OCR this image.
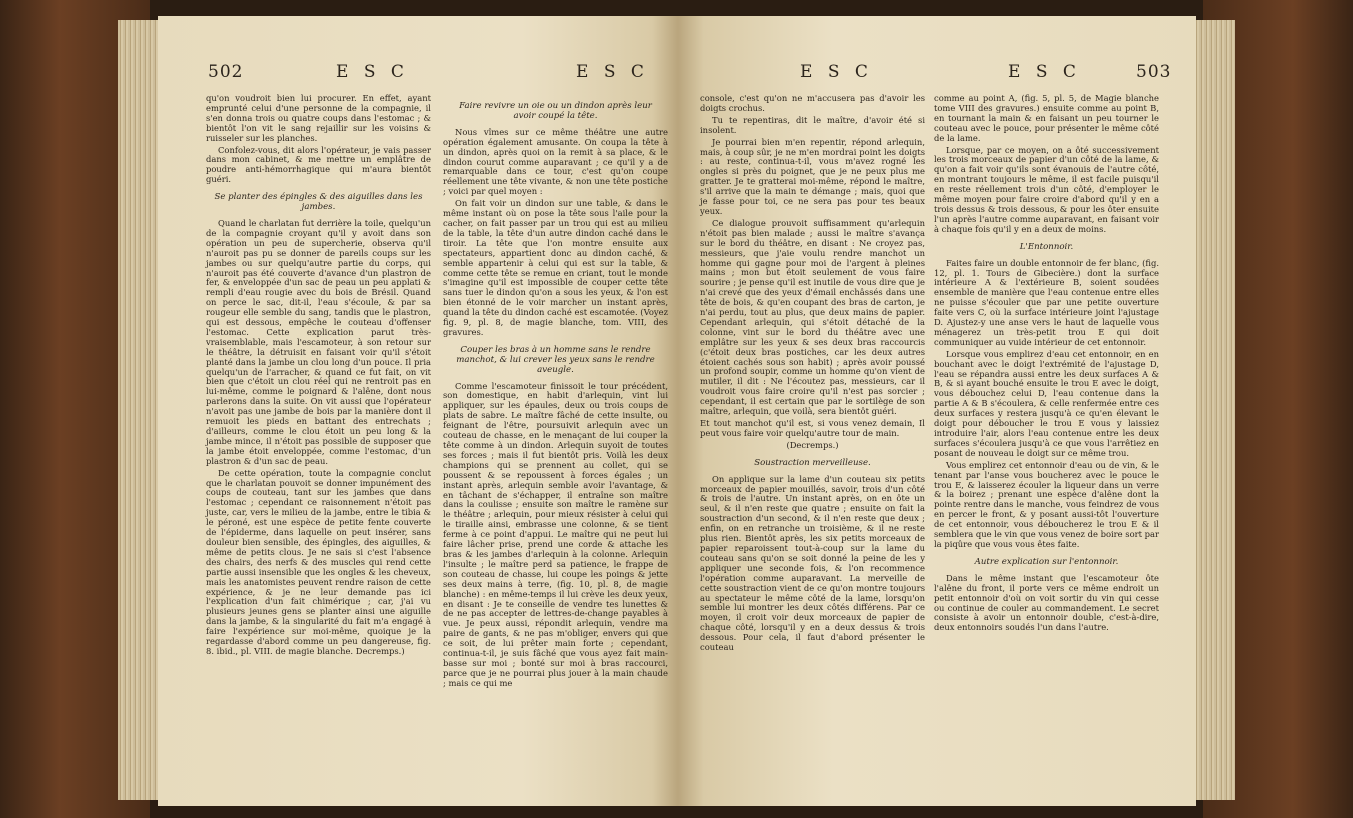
502	E S C	E S C

qu'on voudroit bien lui procurer. En effet, ayant emprunté celui d'une personne de la compagnie, il s'en donna trois ou quatre coups dans l'estomac ; & bientôt l'on vit le sang rejaillir sur les voisins & ruisseler sur les planches.

Confolez-vous, dit alors l'opérateur, je vais passer dans mon cabinet, & me mettre un emplâtre de poudre anti-hémorrhagique qui m'aura bientôt guéri.

Se planter des épingles & des aiguilles dans les jambes.

Quand le charlatan fut derrière la toile, quelqu'un de la compagnie croyant qu'il y avoit dans son opération un peu de supercherie, observa qu'il n'auroit pas pu se donner de pareils coups sur les jambes ou sur quelqu'autre partie du corps, qui n'auroit pas été couverte d'avance d'un plastron de fer, & enveloppée d'un sac de peau un peu applati & rempli d'eau rougie avec du bois de Brésil. Quand on perce le sac, dit-il, l'eau s'écoule, & par sa rougeur elle semble du sang, tandis que le plastron, qui est dessous, empêche le couteau d'offenser l'estomac. Cette explication parut très-vraisemblable, mais l'escamoteur, à son retour sur le théâtre, la détruisit en faisant voir qu'il s'étoit planté dans la jambe un clou long d'un pouce. Il pria quelqu'un de l'arracher, & quand ce fut fait, on vit bien que c'étoit un clou réel qui ne rentroit pas en lui-même, comme le poignard & l'alêne, dont nous parlerons dans la suite. On vit aussi que l'opérateur n'avoit pas une jambe de bois par la manière dont il remuoit les pieds en battant des entrechats ; d'ailleurs, comme le clou étoit un peu long & la jambe mince, il n'étoit pas possible de supposer que la jambe étoit enveloppée, comme l'estomac, d'un plastron & d'un sac de peau.

De cette opération, toute la compagnie conclut que le charlatan pouvoit se donner impunément des coups de couteau, tant sur les jambes que dans l'estomac ; cependant ce raisonnement n'étoit pas juste, car, vers le milieu de la jambe, entre le tibia & le péroné, est une espèce de petite fente couverte de l'épiderme, dans laquelle on peut insérer, sans douleur bien sensible, des épingles, des aiguilles, & même de petits clous. Je ne sais si c'est l'absence des chairs, des nerfs & des muscles qui rend cette partie aussi insensible que les ongles & les cheveux, mais les anatomistes peuvent rendre raison de cette expérience, & je ne leur demande pas ici l'explication d'un fait chimérique ; car, j'ai vu plusieurs jeunes gens se planter ainsi une aiguille dans la jambe, & la singularité du fait m'a engagé à faire l'expérience sur moi-même, quoique je la regardasse d'abord comme un peu dangereuse, fig. 8. ibid., pl. VIII. de magie blanche. Decremps.)

Faire revivre un oie ou un dindon après leur avoir coupé la tête.

Nous vîmes sur ce même théâtre une autre opération également amusante. On coupa la tête à un dindon, après quoi on la remit à sa place, & le dindon courut comme auparavant ; ce qu'il y a de remarquable dans ce tour, c'est qu'on coupe réellement une tête vivante, & non une tête postiche ; voici par quel moyen :

On fait voir un dindon sur une table, & dans le même instant où on pose la tête sous l'aile pour la cacher, on fait passer par un trou qui est au milieu de la table, la tête d'un autre dindon caché dans le tiroir. La tête que l'on montre ensuite aux spectateurs, appartient donc au dindon caché, & semble appartenir à celui qui est sur la table, & comme cette tête se remue en criant, tout le monde s'imagine qu'il est impossible de couper cette tête sans tuer le dindon qu'on a sous les yeux, & l'on est bien étonné de le voir marcher un instant après, quand la tête du dindon caché est escamotée. (Voyez fig. 9, pl. 8, de magie blanche, tom. VIII, des gravures.

Couper les bras à un homme sans le rendre manchot, & lui crever les yeux sans le rendre aveugle.

Comme l'escamoteur finissoit le tour précédent, son domestique, en habit d'arlequin, vint lui appliquer, sur les épaules, deux ou trois coups de plats de sabre. Le maître fâché de cette insulte, ou feignant de l'être, poursuivit arlequin avec un couteau de chasse, en le menaçant de lui couper la tête comme à un dindon. Arlequin suyoit de toutes ses forces ; mais il fut bientôt pris. Voilà les deux champions qui se prennent au collet, qui se poussent & se repoussent à forces égales ; un instant après, arlequin semble avoir l'avantage, & en tâchant de s'échapper, il entraîne son maître dans la coulisse ; ensuite son maître le ramène sur le théâtre ; arlequin, pour mieux résister à celui qui le tiraille ainsi, embrasse une colonne, & se tient ferme à ce point d'appui. Le maître qui ne peut lui faire lâcher prise, prend une corde & attache les bras & les jambes d'arlequin à la colonne. Arlequin l'insulte ; le maître perd sa patience, le frappe de son couteau de chasse, lui coupe les poings & jette ses deux mains à terre, (fig. 10, pl. 8, de magie blanche) : en même-temps il lui crève les deux yeux, en disant : Je te conseille de vendre tes lunettes & de ne pas accepter de lettres-de-change payables à vue. Je peux aussi, répondit arlequin, vendre ma paire de gants, & ne pas m'obliger, envers qui que ce soit, de lui prêter main forte ; cependant, continua-t-il, je suis fâché que vous ayez fait main-basse sur moi ; bonté sur moi à bras raccourci, parce que je ne pourrai plus jouer à la main chaude ; mais ce qui me

E S C	E S C	503

console, c'est qu'on ne m'accusera pas d'avoir les doigts crochus.

Tu te repentiras, dit le maître, d'avoir été si insolent.

Je pourrai bien m'en repentir, répond arlequin, mais, à coup sûr, je ne m'en mordrai point les doigts : au reste, continua-t-il, vous m'avez rogné les ongles si près du poignet, que je ne peux plus me gratter. Je te gratterai moi-même, répond le maître, s'il arrive que la main te démange ; mais, quoi que je fasse pour toi, ce ne sera pas pour tes beaux yeux.

Ce dialogue prouvoit suffisamment qu'arlequin n'étoit pas bien malade ; aussi le maître s'avança sur le bord du théâtre, en disant : Ne croyez pas, messieurs, que j'aie voulu rendre manchot un homme qui gagne pour moi de l'argent à pleines mains ; mon but étoit seulement de vous faire sourire ; je pense qu'il est inutile de vous dire que je n'ai crevé que des yeux d'émail enchâssés dans une tête de bois, & qu'en coupant des bras de carton, je n'ai perdu, tout au plus, que deux mains de papier. Cependant arlequin, qui s'étoit détaché de la colonne, vint sur le bord du théâtre avec une emplâtre sur les yeux & ses deux bras raccourcis (c'étoit deux bras postiches, car les deux autres étoient cachés sous son habit) ; après avoir poussé un profond soupir, comme un homme qu'on vient de mutiler, il dit : Ne l'écoutez pas, messieurs, car il voudroit vous faire croire qu'il n'est pas sorcier ; cependant, il est certain que par le sortilège de son maître, arlequin, que voilà, sera bientôt guéri.

Et tout manchot qu'il est, si vous venez demain, Il peut vous faire voir quelqu'autre tour de main.

(Decremps.)

Soustraction merveilleuse.

On applique sur la lame d'un couteau six petits morceaux de papier mouillés, savoir, trois d'un côté & trois de l'autre. Un instant après, on en ôte un seul, & il n'en reste que quatre ; ensuite on fait la soustraction d'un second, & il n'en reste que deux ; enfin, on en retranche un troisième, & il ne reste plus rien. Bientôt après, les six petits morceaux de papier reparoissent tout-à-coup sur la lame du couteau sans qu'on se soit donné la peine de les y appliquer une seconde fois, & l'on recommence l'opération comme auparavant. La merveille de cette soustraction vient de ce qu'on montre toujours au spectateur le même côté de la lame, lorsqu'on semble lui montrer les deux côtés différens. Par ce moyen, il croit voir deux morceaux de papier de chaque côté, lorsqu'il y en a deux dessus & trois dessous. Pour cela, il faut d'abord présenter le couteau

comme au point A, (fig. 5, pl. 5, de Magie blanche tome VIII des gravures.) ensuite comme au point B, en tournant la main & en faisant un peu tourner le couteau avec le pouce, pour présenter le même côté de la lame.

Lorsque, par ce moyen, on a ôté successivement les trois morceaux de papier d'un côté de la lame, & qu'on a fait voir qu'ils sont évanouis de l'autre côté, en montrant toujours le même, il est facile puisqu'il en reste réellement trois d'un côté, d'employer le même moyen pour faire croire d'abord qu'il y en a trois dessus & trois dessous, & pour les ôter ensuite l'un après l'autre comme auparavant, en faisant voir à chaque fois qu'il y en a deux de moins.

L'Entonnoir.

Faites faire un double entonnoir de fer blanc, (fig. 12, pl. 1. Tours de Gibecière.) dont la surface intérieure A & l'extérieure B, soient soudées ensemble de manière que l'eau contenue entre elles ne puisse s'écouler que par une petite ouverture faite vers C, où la surface intérieure joint l'ajustage D. Ajustez-y une anse vers le haut de laquelle vous ménagerez un très-petit trou E qui doit communiquer au vuide intérieur de cet entonnoir.

Lorsque vous emplirez d'eau cet entonnoir, en en bouchant avec le doigt l'extrémité de l'ajustage D, l'eau se répandra aussi entre les deux surfaces A & B, & si ayant bouché ensuite le trou E avec le doigt, vous débouchez celui D, l'eau contenue dans la partie A & B s'écoulera, & celle renfermée entre ces deux surfaces y restera jusqu'à ce qu'en élevant le doigt pour déboucher le trou E vous y laissiez introduire l'air, alors l'eau contenue entre les deux surfaces s'écoulera jusqu'à ce que vous l'arrêtiez en posant de nouveau le doigt sur ce même trou.

Vous emplirez cet entonnoir d'eau ou de vin, & le tenant par l'anse vous boucherez avec le pouce le trou E, & laisserez écouler la liqueur dans un verre & la boirez ; prenant une espèce d'alêne dont la pointe rentre dans le manche, vous feindrez de vous en percer le front, & y posant aussi-tôt l'ouverture de cet entonnoir, vous déboucherez le trou E & il semblera que le vin que vous venez de boire sort par la piqûre que vous vous êtes faite.

Autre explication sur l'entonnoir.

Dans le même instant que l'escamoteur ôte l'alêne du front, il porte vers ce même endroit un petit entonnoir d'où on voit sortir du vin qui cesse ou continue de couler au commandement. Le secret consiste à avoir un entonnoir double, c'est-à-dire, deux entonnoirs soudés l'un dans l'autre.
